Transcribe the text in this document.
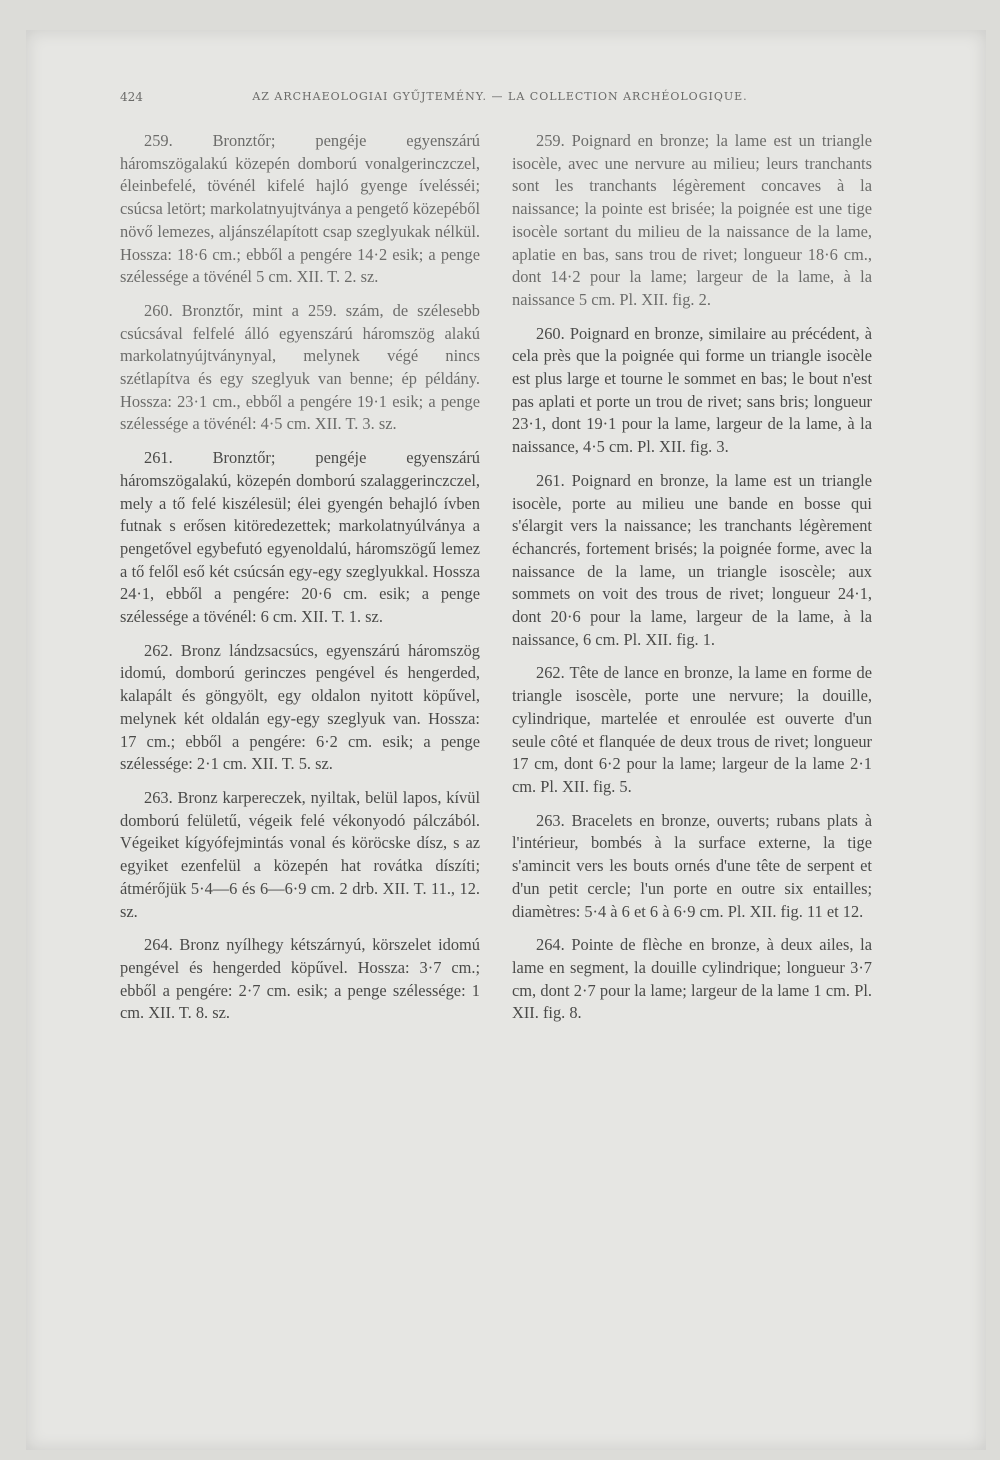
424	AZ ARCHAEOLOGIAI GYŰJTEMÉNY. — LA COLLECTION ARCHÉOLOGIQUE.

259. Bronztőr; pengéje egyenszárú háromszögalakú közepén domború vonalgerinczczel, éleinbefelé, tövénél kifelé hajló gyenge ívelésséi; csúcsa letört; markolatnyujtványa a pengető közepéből növő lemezes, aljánszélapított csap szeglyukak nélkül. Hossza: 18·6 cm.; ebből a pengére 14·2 esik; a penge szélessége a tövénél 5 cm. XII. T. 2. sz.

260. Bronztőr, mint a 259. szám, de szélesebb csúcsával felfelé álló egyenszárú háromszög alakú markolatnyújtványnyal, melynek végé nincs szétlapítva és egy szeglyuk van benne; ép példány. Hossza: 23·1 cm., ebből a pengére 19·1 esik; a penge szélessége a tövénél: 4·5 cm. XII. T. 3. sz.

261. Bronztőr; pengéje egyenszárú háromszögalakú, közepén domború szalaggerinczczel, mely a tő felé kiszélesül; élei gyengén behajló ívben futnak s erősen kitöredezettek; markolatnyúlványa a pengetővel egybefutó egyenoldalú, háromszögű lemez a tő felől eső két csúcsán egy-egy szeglyukkal. Hossza 24·1, ebből a pengére: 20·6 cm. esik; a penge szélessége a tövénél: 6 cm. XII. T. 1. sz.

262. Bronz lándzsacsúcs, egyenszárú háromszög idomú, domború gerinczes pengével és hengerded, kalapált és göngyölt, egy oldalon nyitott köpűvel, melynek két oldalán egy-egy szeglyuk van. Hossza: 17 cm.; ebből a pengére: 6·2 cm. esik; a penge szélessége: 2·1 cm. XII. T. 5. sz.

263. Bronz karpereczek, nyiltak, belül lapos, kívül domború felületű, végeik felé vékonyodó pálczából. Végeiket kígyófejmintás vonal és köröcske dísz, s az egyiket ezenfelül a közepén hat rovátka díszíti; átmérőjük 5·4—6 és 6—6·9 cm. 2 drb. XII. T. 11., 12. sz.

264. Bronz nyílhegy kétszárnyú, körszelet idomú pengével és hengerded köpűvel. Hossza: 3·7 cm.; ebből a pengére: 2·7 cm. esik; a penge szélessége: 1 cm. XII. T. 8. sz.

259. Poignard en bronze; la lame est un triangle isocèle, avec une nervure au milieu; leurs tranchants sont les tranchants légèrement concaves à la naissance; la pointe est brisée; la poignée est une tige isocèle sortant du milieu de la naissance de la lame, aplatie en bas, sans trou de rivet; longueur 18·6 cm., dont 14·2 pour la lame; largeur de la lame, à la naissance 5 cm. Pl. XII. fig. 2.

260. Poignard en bronze, similaire au précédent, à cela près que la poignée qui forme un triangle isocèle est plus large et tourne le sommet en bas; le bout n'est pas aplati et porte un trou de rivet; sans bris; longueur 23·1, dont 19·1 pour la lame, largeur de la lame, à la naissance, 4·5 cm. Pl. XII. fig. 3.

261. Poignard en bronze, la lame est un triangle isocèle, porte au milieu une bande en bosse qui s'élargit vers la naissance; les tranchants légèrement échancrés, fortement brisés; la poignée forme, avec la naissance de la lame, un triangle isoscèle; aux sommets on voit des trous de rivet; longueur 24·1, dont 20·6 pour la lame, largeur de la lame, à la naissance, 6 cm. Pl. XII. fig. 1.

262. Tête de lance en bronze, la lame en forme de triangle isoscèle, porte une nervure; la douille, cylindrique, martelée et enroulée est ouverte d'un seule côté et flanquée de deux trous de rivet; longueur 17 cm, dont 6·2 pour la lame; largeur de la lame 2·1 cm. Pl. XII. fig. 5.

263. Bracelets en bronze, ouverts; rubans plats à l'intérieur, bombés à la surface externe, la tige s'amincit vers les bouts ornés d'une tête de serpent et d'un petit cercle; l'un porte en outre six entailles; diamètres: 5·4 à 6 et 6 à 6·9 cm. Pl. XII. fig. 11 et 12.

264. Pointe de flèche en bronze, à deux ailes, la lame en segment, la douille cylindrique; longueur 3·7 cm, dont 2·7 pour la lame; largeur de la lame 1 cm. Pl. XII. fig. 8.
